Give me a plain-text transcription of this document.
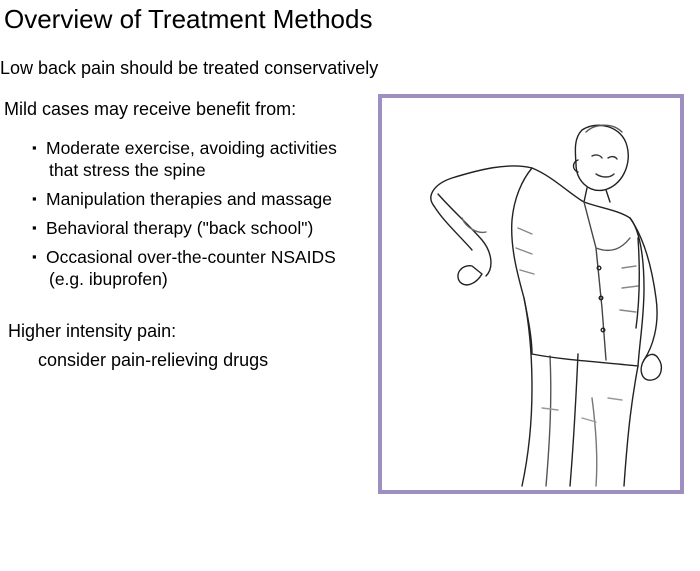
Overview of Treatment Methods
Low back pain should be treated conservatively
Mild cases may receive benefit from:
▪ Moderate exercise, avoiding activities
that stress the spine
▪ Manipulation therapies and massage
▪ Behavioral therapy ("back school")
▪ Occasional over-the-counter NSAIDS
(e.g. ibuprofen)
Higher intensity pain:
consider pain-relieving drugs
